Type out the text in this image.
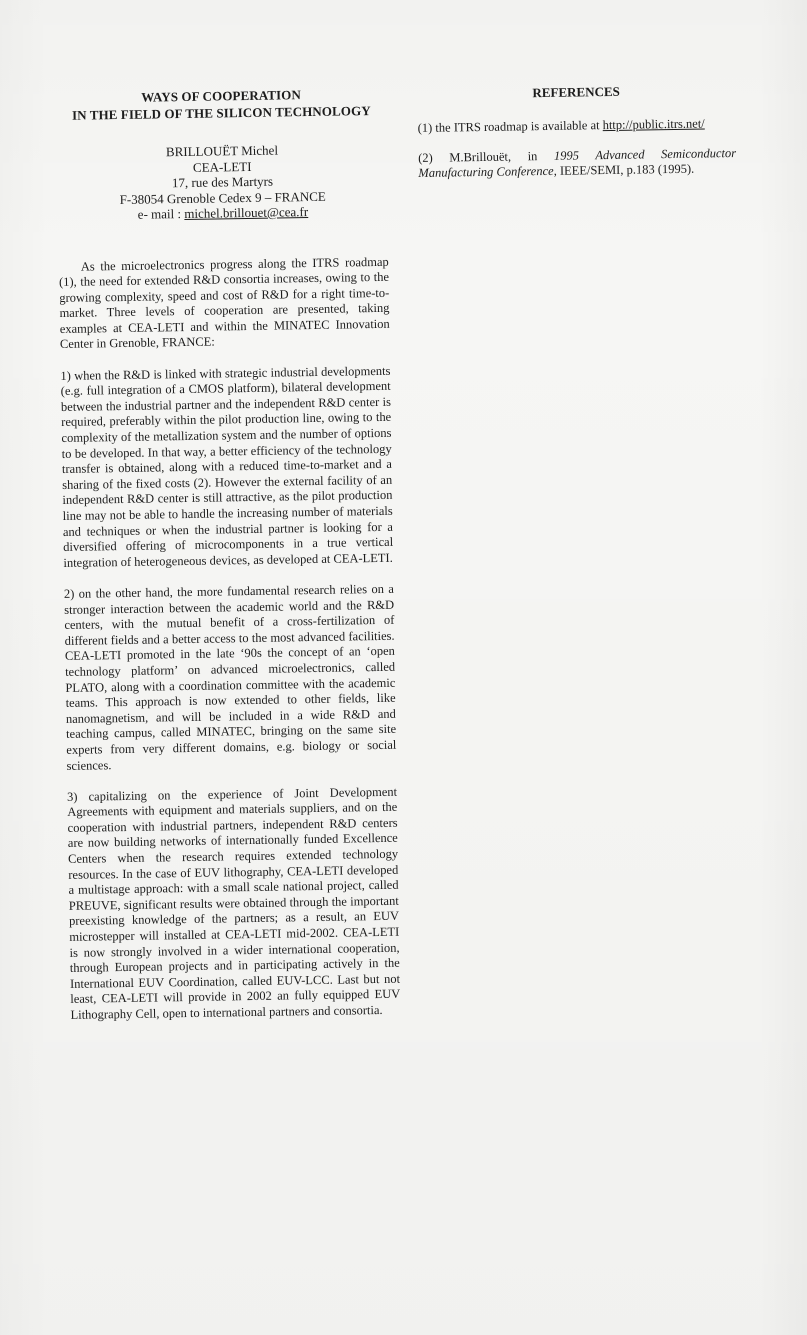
WAYS OF COOPERATION
IN THE FIELD OF THE SILICON TECHNOLOGY
BRILLOUËT Michel
CEA-LETI
17, rue des Martyrs
F-38054 Grenoble Cedex 9 – FRANCE
e- mail : michel.brillouet@cea.fr

As the microelectronics progress along the ITRS roadmap (1), the need for extended R&D consortia increases, owing to the growing complexity, speed and cost of R&D for a right time-to-market. Three levels of cooperation are presented, taking examples at CEA-LETI and within the MINATEC Innovation Center in Grenoble, FRANCE:

1) when the R&D is linked with strategic industrial developments (e.g. full integration of a CMOS platform), bilateral development between the industrial partner and the independent R&D center is required, preferably within the pilot production line, owing to the complexity of the metallization system and the number of options to be developed. In that way, a better efficiency of the technology transfer is obtained, along with a reduced time-to-market and a sharing of the fixed costs (2). However the external facility of an independent R&D center is still attractive, as the pilot production line may not be able to handle the increasing number of materials and techniques or when the industrial partner is looking for a diversified offering of microcomponents in a true vertical integration of heterogeneous devices, as developed at CEA-LETI.

2) on the other hand, the more fundamental research relies on a stronger interaction between the academic world and the R&D centers, with the mutual benefit of a cross-fertilization of different fields and a better access to the most advanced facilities. CEA-LETI promoted in the late ‘90s the concept of an ‘open technology platform’ on advanced microelectronics, called PLATO, along with a coordination committee with the academic teams. This approach is now extended to other fields, like nanomagnetism, and will be included in a wide R&D and teaching campus, called MINATEC, bringing on the same site experts from very different domains, e.g. biology or social sciences.

3) capitalizing on the experience of Joint Development Agreements with equipment and materials suppliers, and on the cooperation with industrial partners, independent R&D centers are now building networks of internationally funded Excellence Centers when the research requires extended technology resources. In the case of EUV lithography, CEA-LETI developed a multistage approach: with a small scale national project, called PREUVE, significant results were obtained through the important preexisting knowledge of the partners; as a result, an EUV microstepper will installed at CEA-LETI mid-2002. CEA-LETI is now strongly involved in a wider international cooperation, through European projects and in participating actively in the International EUV Coordination, called EUV-LCC. Last but not least, CEA-LETI will provide in 2002 an fully equipped EUV Lithography Cell, open to international partners and consortia.

REFERENCES

(1) the ITRS roadmap is available at http://public.itrs.net/

(2) M.Brillouët, in 1995 Advanced Semiconductor Manufacturing Conference, IEEE/SEMI, p.183 (1995).
